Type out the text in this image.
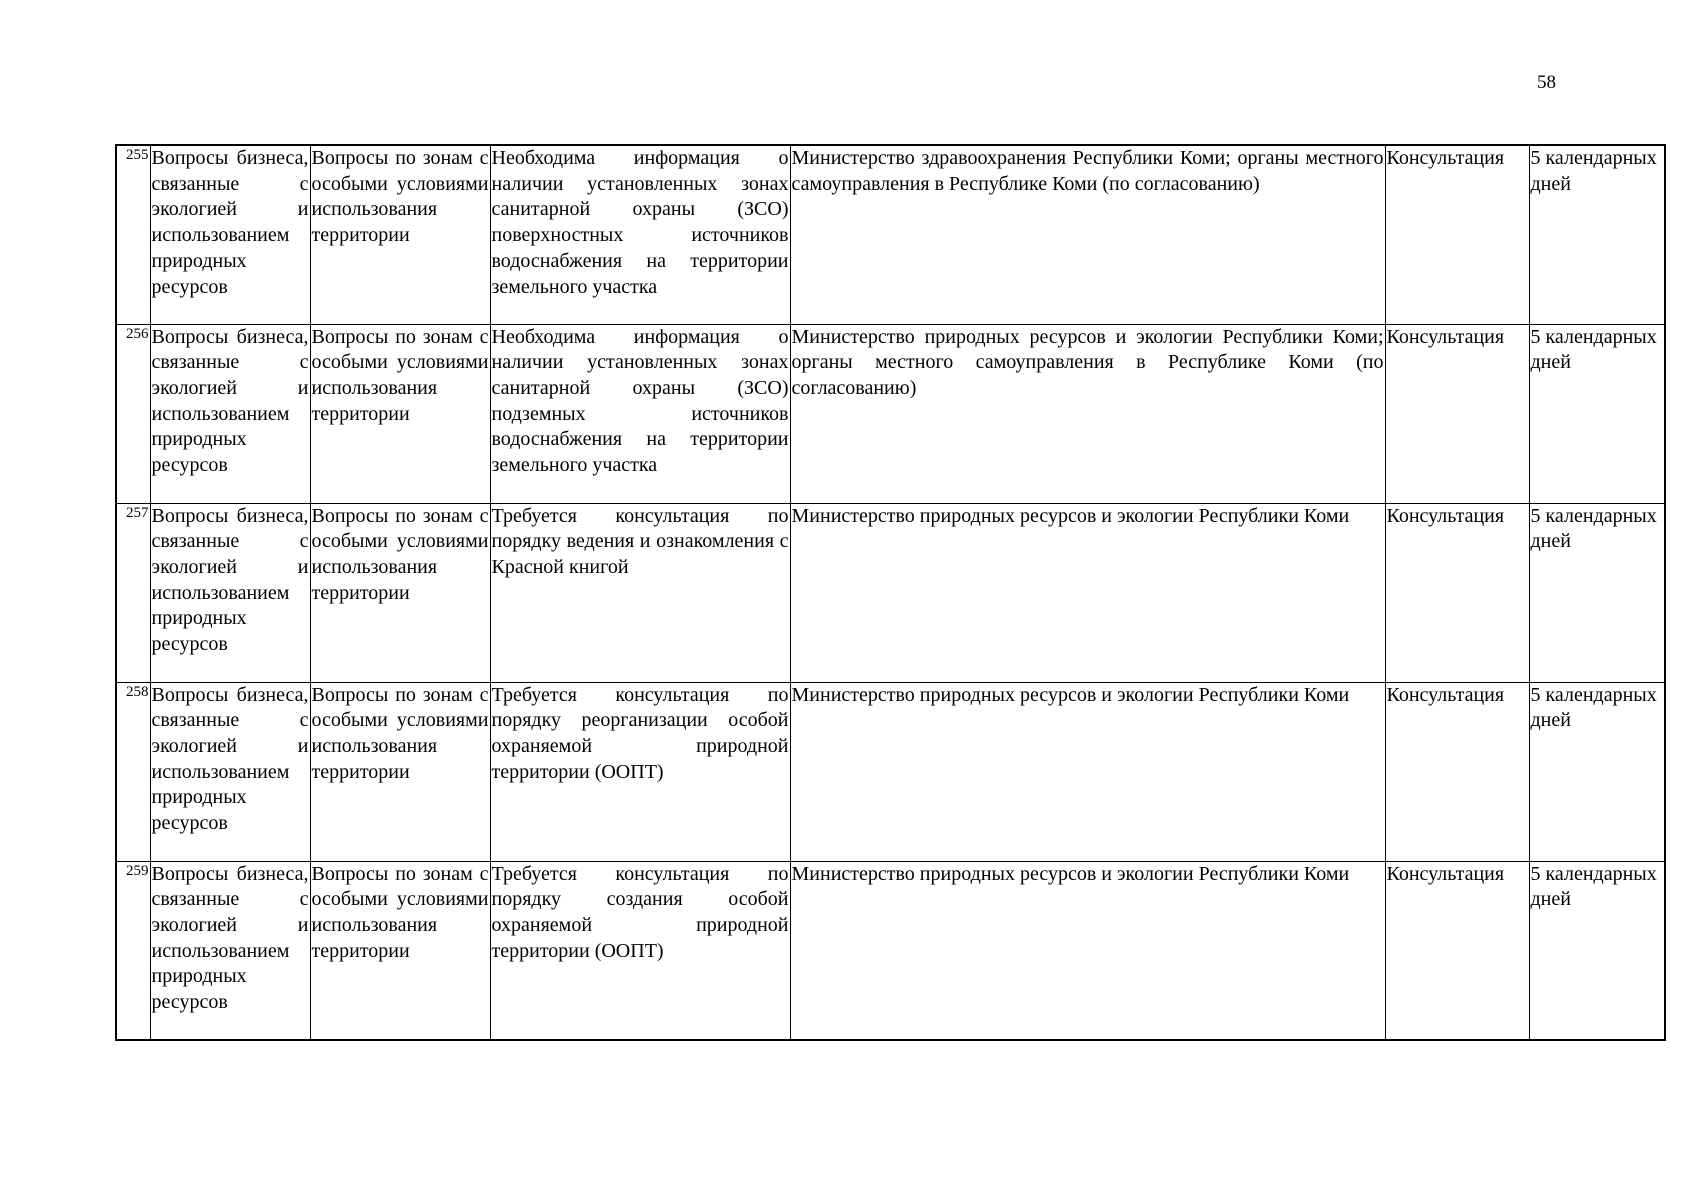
58
255	Вопросы бизнеса, связанные с экологией и использованием природных ресурсов	Вопросы по зонам с особыми условиями использования территории	Необходима информация о наличии установленных зонах санитарной охраны (ЗСО) поверхностных источников водоснабжения на территории земельного участка	Министерство здравоохранения Республики Коми; органы местного самоуправления в Республике Коми (по согласованию)	Консультация	5 календарных дней
256	Вопросы бизнеса, связанные с экологией и использованием природных ресурсов	Вопросы по зонам с особыми условиями использования территории	Необходима информация о наличии установленных зонах санитарной охраны (ЗСО) подземных источников водоснабжения на территории земельного участка	Министерство природных ресурсов и экологии Республики Коми; органы местного самоуправления в Республике Коми (по согласованию)	Консультация	5 календарных дней
257	Вопросы бизнеса, связанные с экологией и использованием природных ресурсов	Вопросы по зонам с особыми условиями использования территории	Требуется консультация по порядку ведения и ознакомления с Красной книгой	Министерство природных ресурсов и экологии Республики Коми	Консультация	5 календарных дней
258	Вопросы бизнеса, связанные с экологией и использованием природных ресурсов	Вопросы по зонам с особыми условиями использования территории	Требуется консультация по порядку реорганизации особой охраняемой природной территории (ООПТ)	Министерство природных ресурсов и экологии Республики Коми	Консультация	5 календарных дней
259	Вопросы бизнеса, связанные с экологией и использованием природных ресурсов	Вопросы по зонам с особыми условиями использования территории	Требуется консультация по порядку создания особой охраняемой природной территории (ООПТ)	Министерство природных ресурсов и экологии Республики Коми	Консультация	5 календарных дней
